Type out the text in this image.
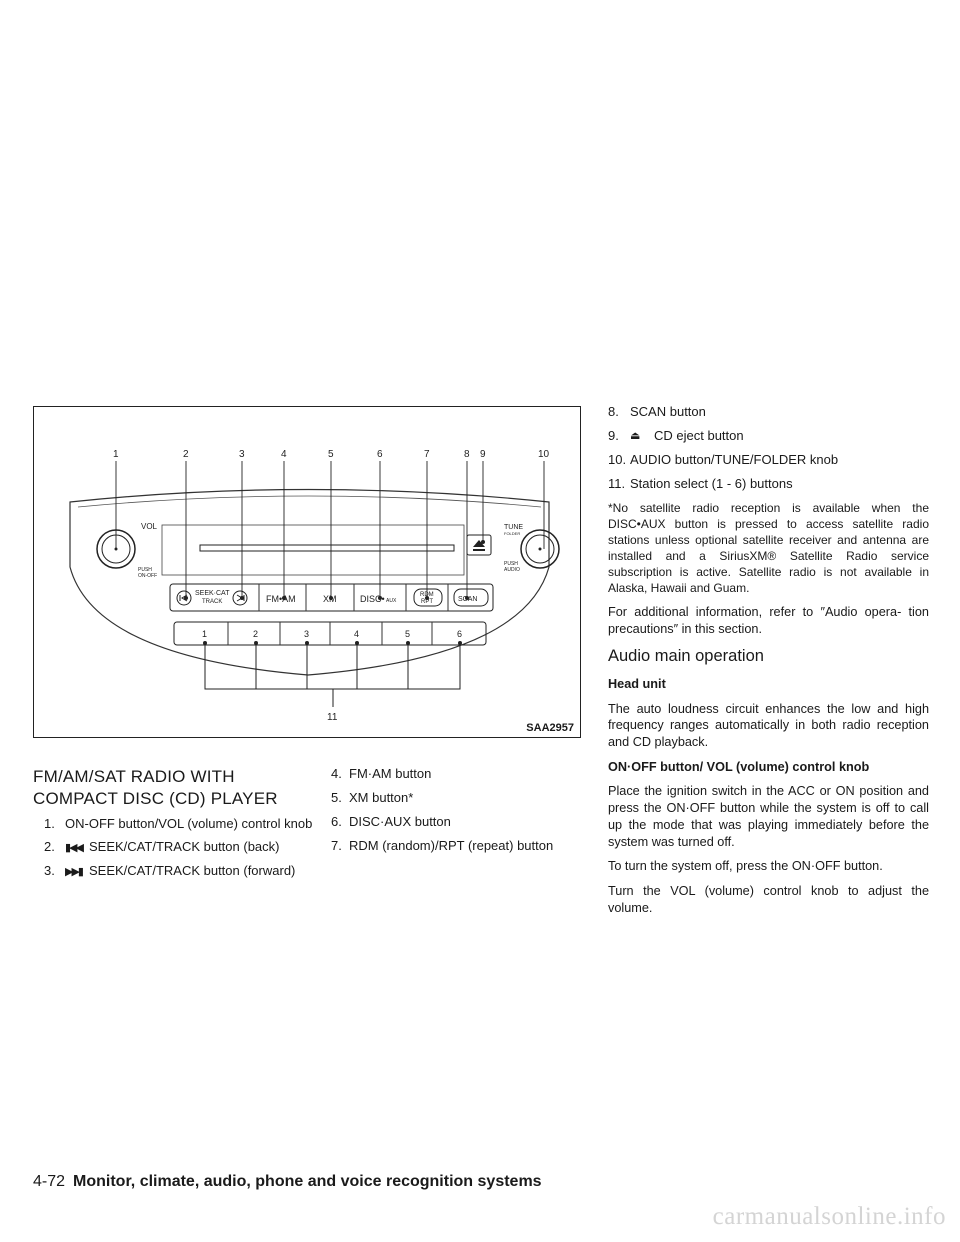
1	2	3	4	5	6	7	8 9	10
11
VOL
PUSH
ON-OFF
TUNE
FOLDER
PUSH
AUDIO
SEEK·CAT
TRACK	FM•AM	XM	DISC• AUX
RDM
RPT	SCAN
1	2	3	4	5	6
SAA2957
FM/AM/SAT RADIO WITH
COMPACT DISC (CD) PLAYER
1. ON-OFF button/VOL (volume) control knob
2. ▮◀◀ SEEK/CAT/TRACK button (back)
3. ▶▶▮ SEEK/CAT/TRACK button (forward)
4. FM·AM button
5. XM button*
6. DISC·AUX button
7. RDM (random)/RPT (repeat) button
8. SCAN button
9.	⏏	CD eject button
10. AUDIO button/TUNE/FOLDER knob
11. Station select (1 - 6) buttons

*No satellite radio reception is available when the DISC•AUX button is pressed to access satellite radio stations unless optional satellite receiver and antenna are installed and a SiriusXM® Satellite Radio service subscription is active. Satellite radio is not available in Alaska, Hawaii and Guam.

For additional information, refer to ″Audio opera- tion precautions″ in this section.

Audio main operation
Head unit

The auto loudness circuit enhances the low and high frequency ranges automatically in both radio reception and CD playback.

ON·OFF button/ VOL (volume) control knob

Place the ignition switch in the ACC or ON position and press the ON·OFF button while the system is off to call up the mode that was playing immediately before the system was turned off.

To turn the system off, press the ON·OFF button.

Turn the VOL (volume) control knob to adjust the volume.

4-72 Monitor, climate, audio, phone and voice recognition systems
carmanualsonline.info
